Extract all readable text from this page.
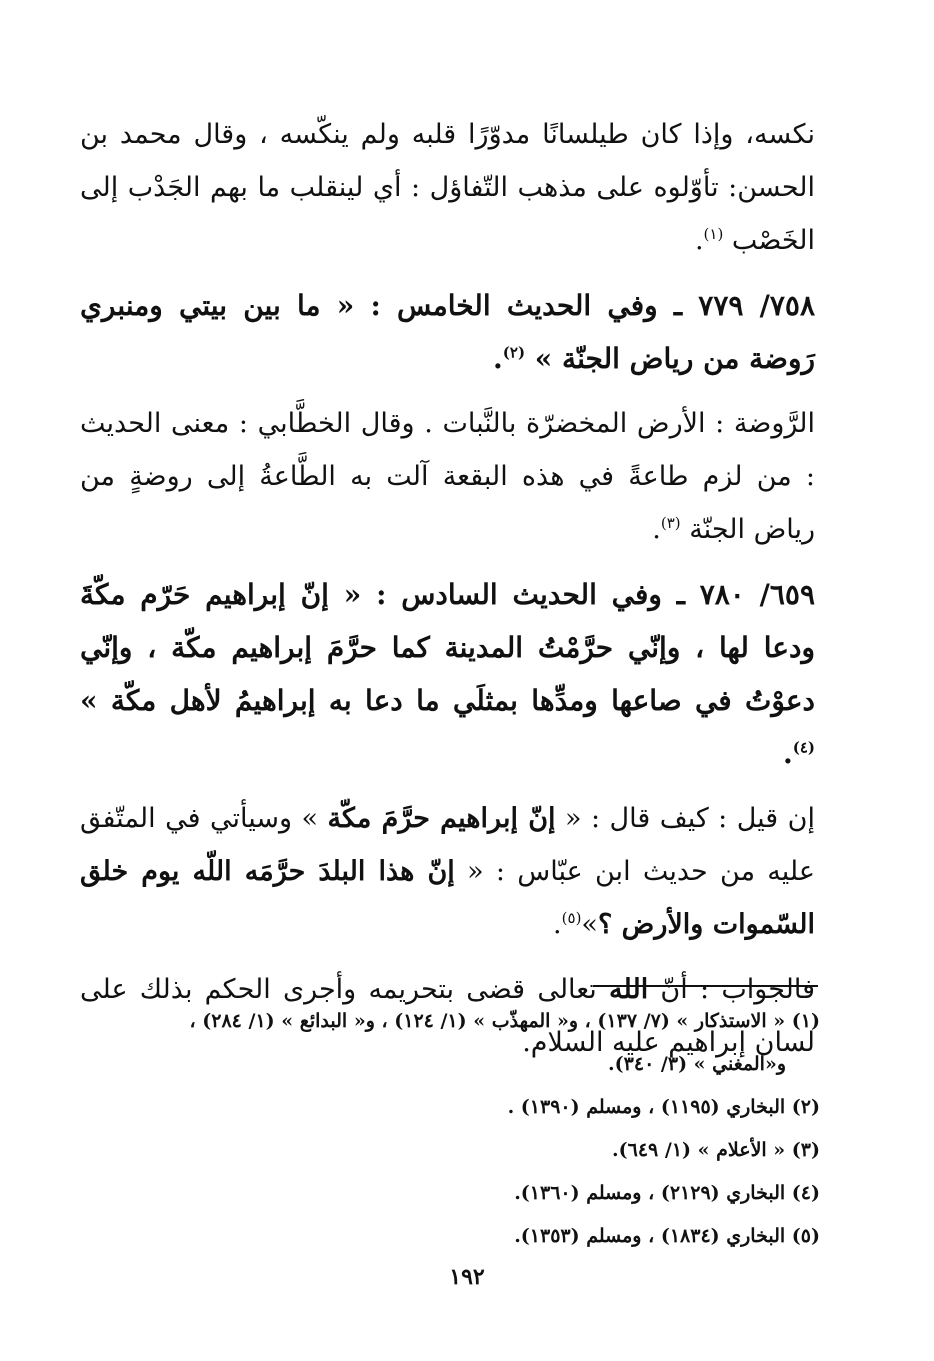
نكسه، وإذا كان طيلسانًا مدوّرًا قلبه ولم ينكّسه ، وقال محمد بن الحسن: تأوّلوه على مذهب التّفاؤل : أي لينقلب ما بهم الجَدْب إلى الخَصْب $^{(١)}$.

٧٥٨/ ٧٧٩ ـ وفي الحديث الخامس : « ما بين بيتي ومنبري رَوضة من رياض الجنّة » $^{(٢)}$.

الرَّوضة : الأرض المخضرّة بالنَّبات . وقال الخطَّابي : معنى الحديث : من لزم طاعةً في هذه البقعة آلت به الطَّاعةُ إلى روضةٍ من رياض الجنّة $^{(٣)}$.

٦٥٩/ ٧٨٠ ـ وفي الحديث السادس : « إنّ إبراهيم حَرّم مكّةَ ودعا لها ، وإنّي حرَّمْتُ المدينة كما حرَّمَ إبراهيم مكّة ، وإنّي دعوْتُ في صاعها ومدِّها بمثلَي ما دعا به إبراهيمُ لأهل مكّة » $^{(٤)}$.

إن قيل : كيف قال : « إنّ إبراهيم حرَّمَ مكّة » وسيأتي في المتّفق عليه من حديث ابن عبّاس : « إنّ هذا البلدَ حرَّمَه اللّه يوم خلق السّموات والأرض ؟»$^{(٥)}$.

فالجواب : أنّ الله تعالى قضى بتحريمه وأجرى الحكم بذلك على لسان إبراهيم عليه السلام.

(١) « الاستذكار » (٧/ ١٣٧) ، و« المهذّب » (١/ ١٢٤) ، و« البدائع » (١/ ٢٨٤) ،

و«المغني » (٣/ ٣٤٠).

(٢) البخاري (١١٩٥) ، ومسلم (١٣٩٠) .

(٣) « الأعلام » (١/ ٦٤٩).

(٤) البخاري (٢١٢٩) ، ومسلم (١٣٦٠).

(٥) البخاري (١٨٣٤) ، ومسلم (١٣٥٣).

١٩٢
